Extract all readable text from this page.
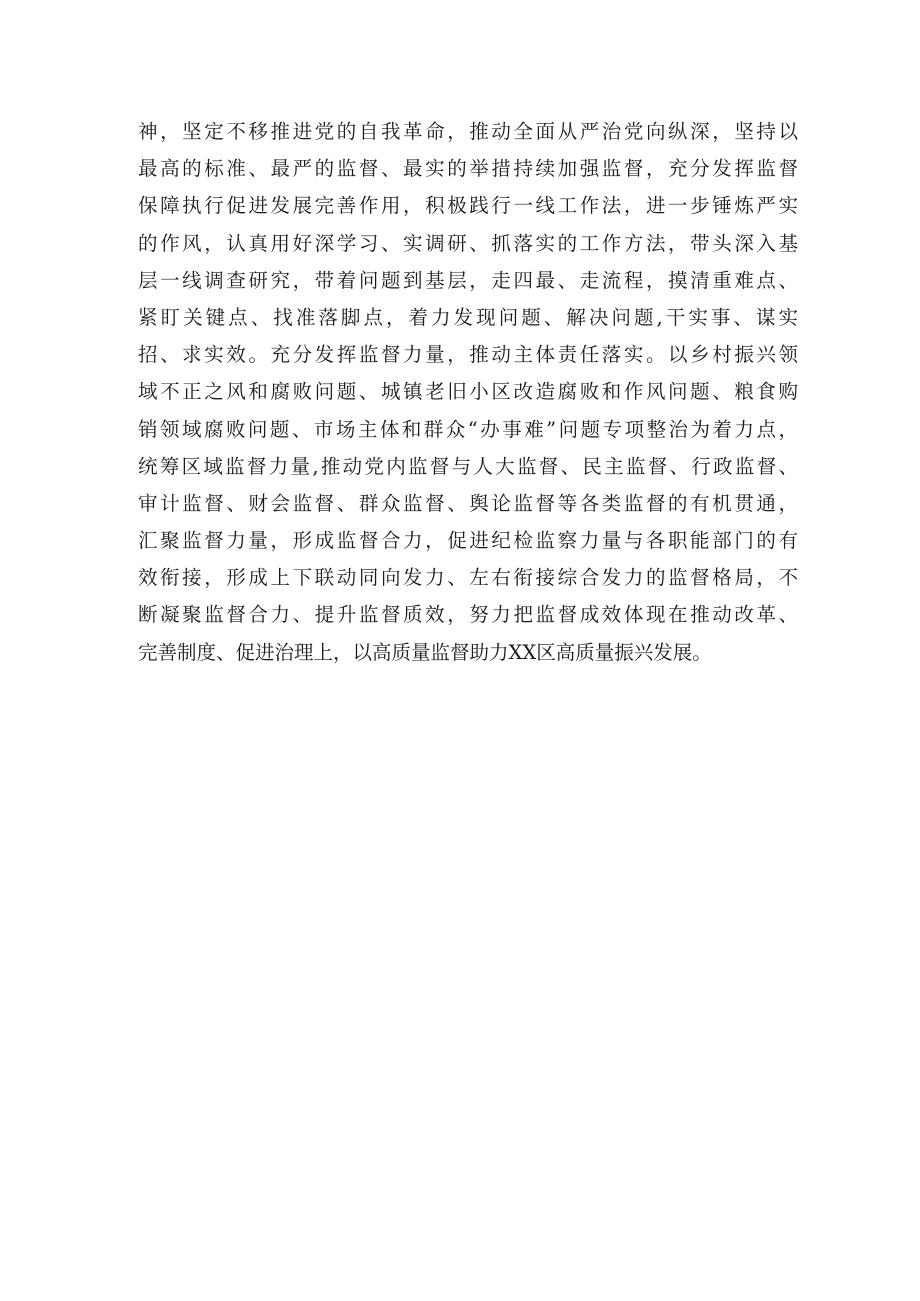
神，坚定不移推进党的自我革命，推动全面从严治党向纵深，坚持以
最高的标准、最严的监督、最实的举措持续加强监督，充分发挥监督
保障执行促进发展完善作用，积极践行一线工作法，进一步锤炼严实
的作风，认真用好深学习、实调研、抓落实的工作方法，带头深入基
层一线调查研究，带着问题到基层，走四最、走流程，摸清重难点、
紧盯关键点、找准落脚点，着力发现问题、解决问题,干实事、谋实
招、求实效。充分发挥监督力量，推动主体责任落实。以乡村振兴领
域不正之风和腐败问题、城镇老旧小区改造腐败和作风问题、粮食购
销领域腐败问题、市场主体和群众“办事难”问题专项整治为着力点，
统筹区域监督力量,推动党内监督与人大监督、民主监督、行政监督、
审计监督、财会监督、群众监督、舆论监督等各类监督的有机贯通，
汇聚监督力量，形成监督合力，促进纪检监察力量与各职能部门的有
效衔接，形成上下联动同向发力、左右衔接综合发力的监督格局，不
断凝聚监督合力、提升监督质效，努力把监督成效体现在推动改革、
完善制度、促进治理上，以高质量监督助力XX区高质量振兴发展。
